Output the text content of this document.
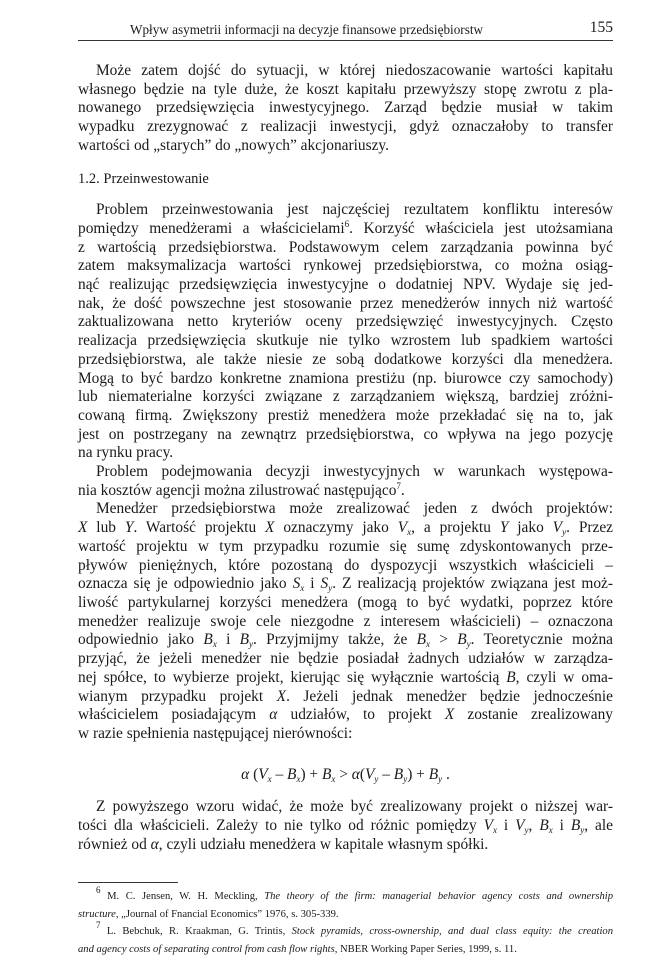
Wpływ asymetrii informacji na decyzje finansowe przedsiębiorstw	155
Może zatem dojść do sytuacji, w której niedoszacowanie wartości kapitału
własnego będzie na tyle duże, że koszt kapitału przewyższy stopę zwrotu z pla-
nowanego przedsięwzięcia inwestycyjnego. Zarząd będzie musiał w takim
wypadku zrezygnować z realizacji inwestycji, gdyż oznaczałoby to transfer
wartości od „starych” do „nowych” akcjonariuszy.
1.2. Przeinwestowanie
Problem przeinwestowania jest najczęściej rezultatem konfliktu interesów
pomiędzy menedżerami a właścicielami$^6$. Korzyść właściciela jest utożsamiana
z wartością przedsiębiorstwa. Podstawowym celem zarządzania powinna być
zatem maksymalizacja wartości rynkowej przedsiębiorstwa, co można osiąg-
nąć realizując przedsięwzięcia inwestycyjne o dodatniej NPV. Wydaje się jed-
nak, że dość powszechne jest stosowanie przez menedżerów innych niż wartość
zaktualizowana netto kryteriów oceny przedsięwzięć inwestycyjnych. Często
realizacja przedsięwzięcia skutkuje nie tylko wzrostem lub spadkiem wartości
przedsiębiorstwa, ale także niesie ze sobą dodatkowe korzyści dla menedżera.
Mogą to być bardzo konkretne znamiona prestiżu (np. biurowce czy samochody)
lub niematerialne korzyści związane z zarządzaniem większą, bardziej zróżni-
cowaną firmą. Zwiększony prestiż menedżera może przekładać się na to, jak
jest on postrzegany na zewnątrz przedsiębiorstwa, co wpływa na jego pozycję
na rynku pracy.
Problem podejmowania decyzji inwestycyjnych w warunkach występowa-
nia kosztów agencji można zilustrować następująco$^7$.
Menedżer przedsiębiorstwa może zrealizować jeden z dwóch projektów:
X lub Y. Wartość projektu X oznaczymy jako $V_x$, a projektu Y jako $V_y$. Przez
wartość projektu w tym przypadku rozumie się sumę zdyskontowanych prze-
pływów pieniężnych, które pozostaną do dyspozycji wszystkich właścicieli –
oznacza się je odpowiednio jako $S_x$ i $S_y$. Z realizacją projektów związana jest moż-
liwość partykularnej korzyści menedżera (mogą to być wydatki, poprzez które
menedżer realizuje swoje cele niezgodne z interesem właścicieli) – oznaczona
odpowiednio jako $B_x$ i $B_y$. Przyjmijmy także, że $B_x > B_y$. Teoretycznie można
przyjąć, że jeżeli menedżer nie będzie posiadał żadnych udziałów w zarządza-
nej spółce, to wybierze projekt, kierując się wyłącznie wartością B, czyli w oma-
wianym przypadku projekt X. Jeżeli jednak menedżer będzie jednocześnie
właścicielem posiadającym α udziałów, to projekt X zostanie zrealizowany
w razie spełnienia następującej nierówności:
α $(V_x - B_x) + B_x > \alpha(V_y - B_y) + B_y$ .
Z powyższego wzoru widać, że może być zrealizowany projekt o niższej war-
tości dla właścicieli. Zależy to nie tylko od różnic pomiędzy $V_x$ i $V_y$, $B_x$ i $B_y$, ale
również od α, czyli udziału menedżera w kapitale własnym spółki.
$^6$ M. C. Jensen, W. H. Meckling, The theory of the firm: managerial behavior agency costs and ownership
structure, „Journal of Fnancial Economics” 1976, s. 305-339.
$^7$ L. Bebchuk, R. Kraakman, G. Trintis, Stock pyramids, cross-ownership, and dual class equity: the creation
and agency costs of separating control from cash flow rights, NBER Working Paper Series, 1999, s. 11.
